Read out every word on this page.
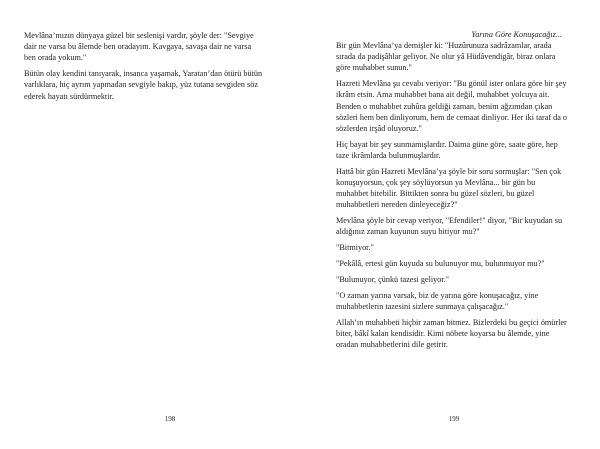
Mevlâna’mızın dünyaya güzel bir seslenişi vardır, şöyle der: "Sevgiye dair ne varsa bu âlemde ben oradayım. Kavgaya, savaşa dair ne varsa ben orada yokum."

Bütün olay kendini tanıyarak, insanca yaşamak, Yaratan’dan ötürü bütün varlıklara, hiç ayrım yapmadan sevgiyle bakıp, yüz tutana sevgiden söz ederek hayatı sürdürmektir.

198
Yarına Göre Konuşacağız...

Bir gün Mevlâna’ya demişler ki: "Huzûrunuza sadrâzamlar, arada sırada da padişâhlar geliyor. Ne olur yâ Hüdâvendigâr, biraz onlara göre muhabbet sunun."

Hazreti Mevlâna şu cevabı veriyor: "Bu gönül ister onlara göre bir şey ikrâm etsin. Ama muhabbet bana ait değil, muhabbet yolcuya ait. Benden o muhabbet zuhûra geldiği zaman, benim ağzımdan çıkan sözleri hem ben dinliyorum, hem de cemaat dinliyor. Her iki taraf da o sözlerden irşâd oluyoruz."

Hiç bayat bir şey sunmamışlardır. Daima güne göre, saate göre, hep taze ikrâmlarda bulunmuşlardır.

Hattâ bir gün Hazreti Mevlâna’ya şöyle bir soru sormuşlar: "Sen çok konuşuyorsun, çok şey söylüyorsun ya Mevlâna... bir gün bu muhabbet bitebilir. Bittikten sonra bu güzel sözleri, bu güzel muhabbetleri nereden dinleyeceğiz?"

Mevlâna şöyle bir cevap veriyor, "Efendiler!" diyor, "Bir kuyudan su aldığınız zaman kuyunun suyu bitiyor mu?"

"Bitmiyor."

"Pekâlâ, ertesi gün kuyuda su bulunuyor mu, bulunmuyor mu?"

"Bulunuyor, çünkü tazesi geliyor."

"O zaman yarına varsak, biz de yarına göre konuşacağız, yine muhabbetlerin tazesini sizlere sunmaya çalışacağız."

Allah’ın muhabbeti hiçbir zaman bitmez. Bizlerdeki bu geçici ömürler biter, bâkî kalan kendisidir. Kimi nöbete koyarsa bu âlemde, yine oradan muhabbetlerini dile getirir.

199
